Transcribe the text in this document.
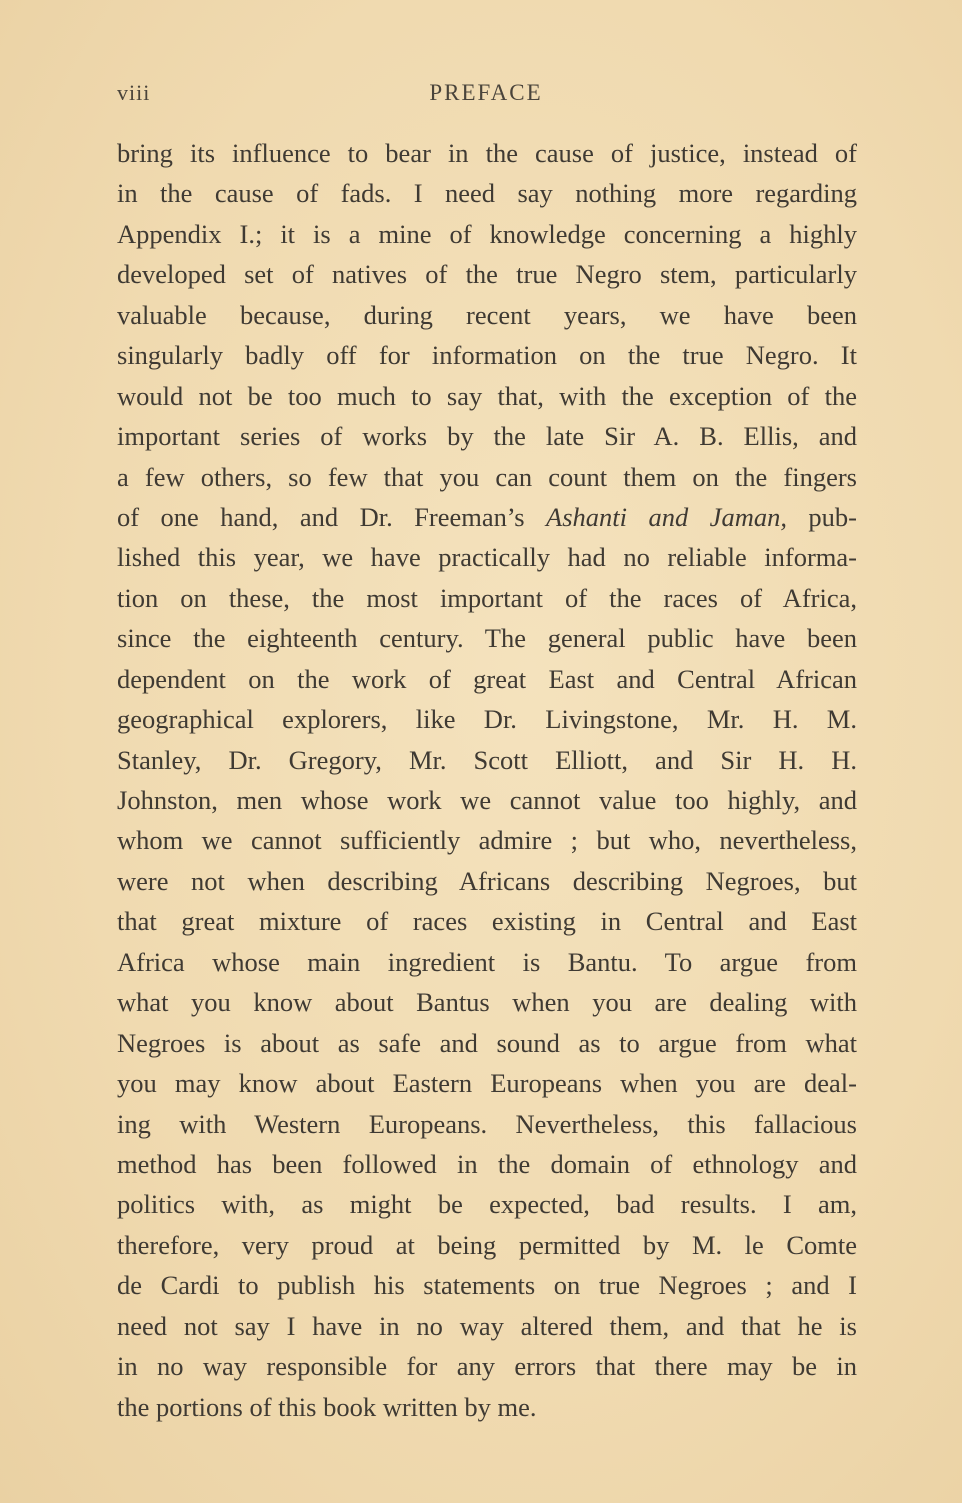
viii	PREFACE
bring its influence to bear in the cause of justice, instead of
in the cause of fads. I need say nothing more regarding
Appendix I.; it is a mine of knowledge concerning a highly
developed set of natives of the true Negro stem, particularly
valuable because, during recent years, we have been
singularly badly off for information on the true Negro. It
would not be too much to say that, with the exception of the
important series of works by the late Sir A. B. Ellis, and
a few others, so few that you can count them on the fingers
of one hand, and Dr. Freeman’s Ashanti and Jaman, pub-
lished this year, we have practically had no reliable informa-
tion on these, the most important of the races of Africa,
since the eighteenth century. The general public have been
dependent on the work of great East and Central African
geographical explorers, like Dr. Livingstone, Mr. H. M.
Stanley, Dr. Gregory, Mr. Scott Elliott, and Sir H. H.
Johnston, men whose work we cannot value too highly, and
whom we cannot sufficiently admire ; but who, nevertheless,
were not when describing Africans describing Negroes, but
that great mixture of races existing in Central and East
Africa whose main ingredient is Bantu. To argue from
what you know about Bantus when you are dealing with
Negroes is about as safe and sound as to argue from what
you may know about Eastern Europeans when you are deal-
ing with Western Europeans. Nevertheless, this fallacious
method has been followed in the domain of ethnology and
politics with, as might be expected, bad results. I am,
therefore, very proud at being permitted by M. le Comte
de Cardi to publish his statements on true Negroes ; and I
need not say I have in no way altered them, and that he is
in no way responsible for any errors that there may be in
the portions of this book written by me.
